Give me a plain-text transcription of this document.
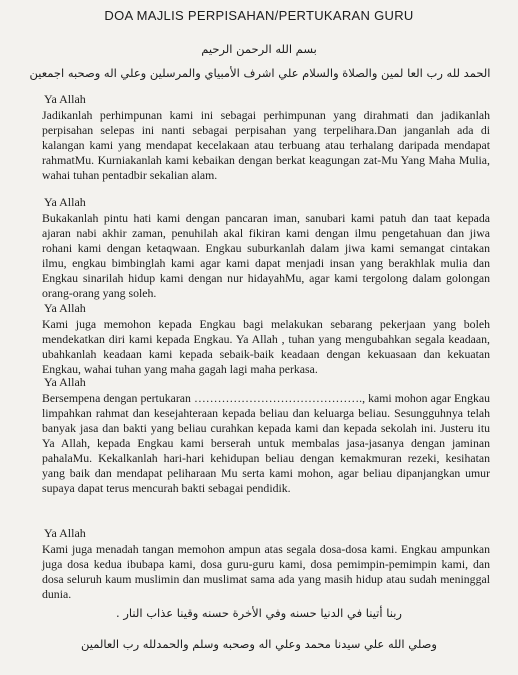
DOA MAJLIS PERPISAHAN/PERTUKARAN GURU
بسم الله الرحمن الرحيم
الحمد لله رب العا لمين والصلاة والسلام علي اشرف الأمبياي والمرسلين وعلي اله وصحبه اجمعين
Ya Allah

Jadikanlah perhimpunan kami ini sebagai perhimpunan yang dirahmati dan jadikanlah perpisahan selepas ini nanti sebagai perpisahan yang terpelihara.Dan janganlah ada di kalangan kami yang mendapat kecelakaan atau terbuang atau terhalang daripada mendapat rahmatMu. Kurniakanlah kami kebaikan dengan berkat keagungan zat-Mu Yang Maha Mulia, wahai tuhan pentadbir sekalian alam.

Ya Allah

Bukakanlah pintu hati kami dengan pancaran iman, sanubari kami patuh dan taat kepada ajaran nabi akhir zaman, penuhilah akal fikiran kami dengan ilmu pengetahuan dan jiwa rohani kami dengan ketaqwaan. Engkau suburkanlah dalam jiwa kami semangat cintakan ilmu, engkau bimbinglah kami agar kami dapat menjadi insan yang berakhlak mulia dan Engkau sinarilah hidup kami dengan nur hidayahMu, agar kami tergolong dalam golongan orang-orang yang soleh.

Ya Allah

Kami juga memohon kepada Engkau bagi melakukan sebarang pekerjaan yang boleh mendekatkan diri kami kepada Engkau. Ya Allah , tuhan yang mengubahkan segala keadaan, ubahkanlah keadaan kami kepada sebaik-baik keadaan dengan kekuasaan dan kekuatan Engkau, wahai tuhan yang maha gagah lagi maha perkasa.

Ya Allah

Bersempena dengan pertukaran ……………………………………., kami mohon agar Engkau limpahkan rahmat dan kesejahteraan kepada beliau dan keluarga beliau. Sesungguhnya telah banyak jasa dan bakti yang beliau curahkan kepada kami dan kepada sekolah ini. Justeru itu Ya Allah, kepada Engkau kami berserah untuk membalas jasa-jasanya dengan jaminan pahalaMu. Kekalkanlah hari-hari kehidupan beliau dengan kemakmuran rezeki, kesihatan yang baik dan mendapat peliharaan Mu serta kami mohon, agar beliau dipanjangkan umur supaya dapat terus mencurah bakti sebagai pendidik.

Ya Allah

Kami juga menadah tangan memohon ampun atas segala dosa-dosa kami. Engkau ampunkan juga dosa kedua ibubapa kami, dosa guru-guru kami, dosa pemimpin-pemimpin kami, dan dosa seluruh kaum muslimin dan muslimat sama ada yang masih hidup atau sudah meninggal dunia.

ربنا أتينا في الدنيا حسنه وفي الأخرة حسنه وقينا عذاب النار .
وصلي الله علي سيدنا محمد وعلي اله وصحبه وسلم والحمدلله رب العالمين
